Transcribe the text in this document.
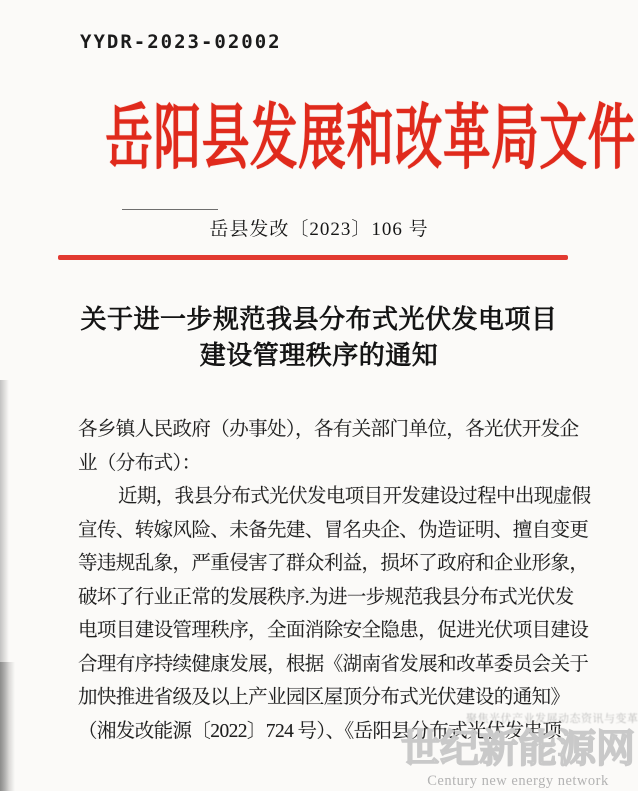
YYDR-2023-02002
岳阳县发展和改革局文件
岳县发改〔2023〕106 号
关于进一步规范我县分布式光伏发电项目
建设管理秩序的通知
各乡镇人民政府（办事处），各有关部门单位，各光伏开发企
业（分布式）：
近期，我县分布式光伏发电项目开发建设过程中出现虚假
宣传、转嫁风险、未备先建、冒名央企、伪造证明、擅自变更
等违规乱象，严重侵害了群众利益，损坏了政府和企业形象，
破坏了行业正常的发展秩序.为进一步规范我县分布式光伏发
电项目建设管理秩序，全面消除安全隐患，促进光伏项目建设
合理有序持续健康发展，根据《湖南省发展和改革委员会关于
加快推进省级及以上产业园区屋顶分布式光伏建设的通知》
（湘发改能源〔2022〕724 号）、《岳阳县分布式光伏发电项
聚焦光伏产业发展动态资讯与变革
世纪新能源网
Century new energy network
